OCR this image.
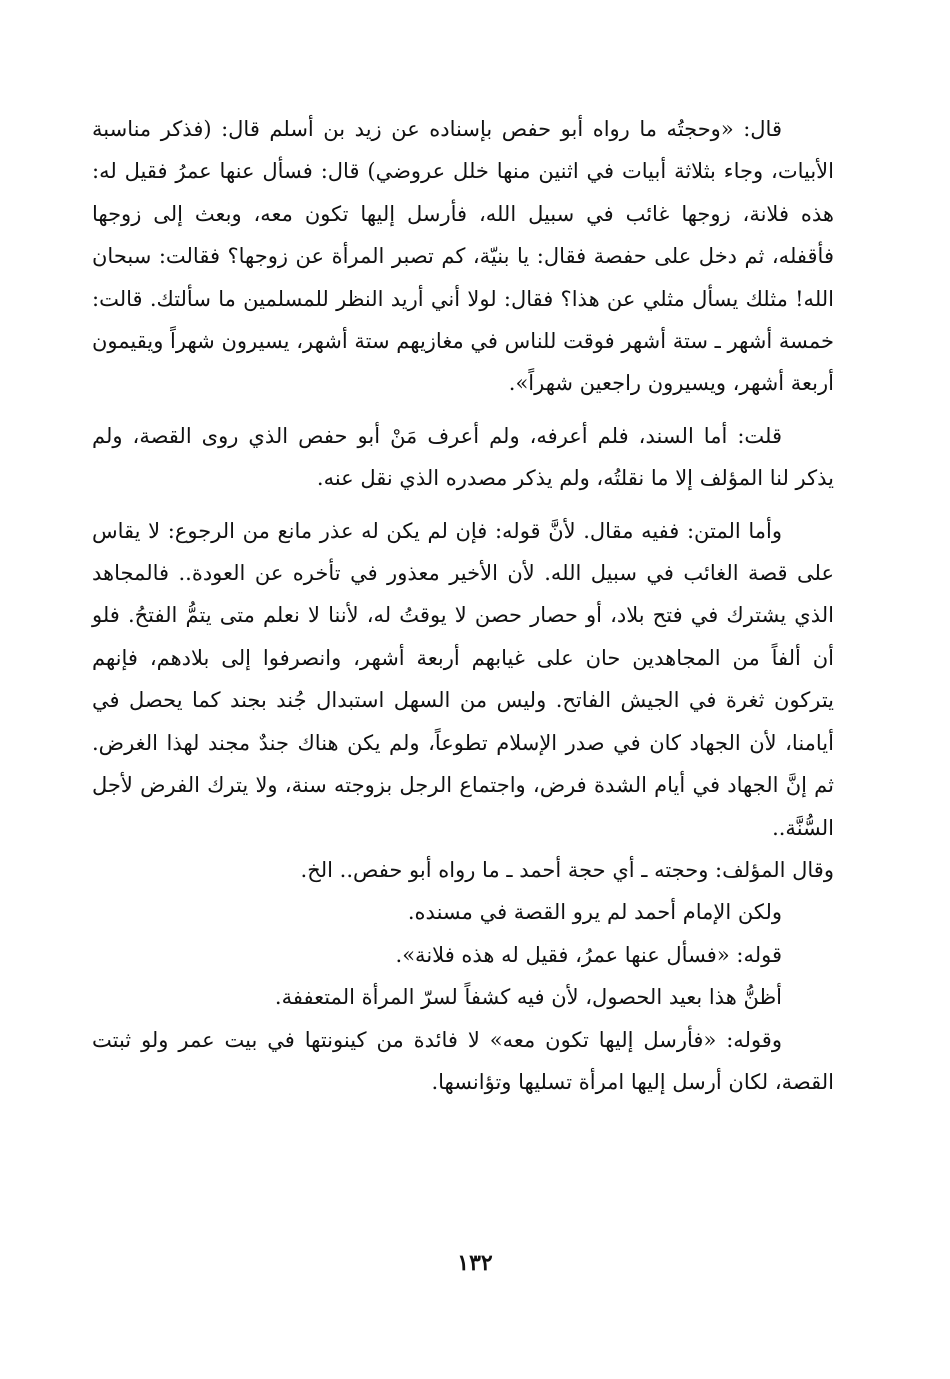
قال: «وحجتُه ما رواه أبو حفص بإسناده عن زيد بن أسلم قال: (فذكر مناسبة الأبيات، وجاء بثلاثة أبيات في اثنين منها خلل عروضي) قال: فسأل عنها عمرُ فقيل له: هذه فلانة، زوجها غائب في سبيل الله، فأرسل إليها تكون معه، وبعث إلى زوجها فأقفله، ثم دخل على حفصة فقال: يا بنيّة، كم تصبر المرأة عن زوجها؟ فقالت: سبحان الله! مثلك يسأل مثلي عن هذا؟ فقال: لولا أني أريد النظر للمسلمين ما سألتك. قالت: خمسة أشهر ـ ستة أشهر فوقت للناس في مغازيهم ستة أشهر، يسيرون شهراً ويقيمون أربعة أشهر، ويسيرون راجعين شهراً».

قلت: أما السند، فلم أعرفه، ولم أعرف مَنْ أبو حفص الذي روى القصة، ولم يذكر لنا المؤلف إلا ما نقلتُه، ولم يذكر مصدره الذي نقل عنه.

وأما المتن: ففيه مقال. لأنَّ قوله: فإن لم يكن له عذر مانع من الرجوع: لا يقاس على قصة الغائب في سبيل الله. لأن الأخير معذور في تأخره عن العودة.. فالمجاهد الذي يشترك في فتح بلاد، أو حصار حصن لا يوقتُ له، لأننا لا نعلم متى يتمُّ الفتحُ. فلو أن ألفاً من المجاهدين حان على غيابهم أربعة أشهر، وانصرفوا إلى بلادهم، فإنهم يتركون ثغرة في الجيش الفاتح. وليس من السهل استبدال جُند بجند كما يحصل في أيامنا، لأن الجهاد كان في صدر الإسلام تطوعاً، ولم يكن هناك جندٌ مجند لهذا الغرض. ثم إنَّ الجهاد في أيام الشدة فرض، واجتماع الرجل بزوجته سنة، ولا يترك الفرض لأجل السُّنَّة..

وقال المؤلف: وحجته ـ أي حجة أحمد ـ ما رواه أبو حفص.. الخ.

ولكن الإمام أحمد لم يرو القصة في مسنده.

قوله: «فسأل عنها عمرُ، فقيل له هذه فلانة».

أظنُّ هذا بعيد الحصول، لأن فيه كشفاً لسرّ المرأة المتعففة.

وقوله: «فأرسل إليها تكون معه» لا فائدة من كينونتها في بيت عمر ولو ثبتت القصة، لكان أرسل إليها امرأة تسليها وتؤانسها.

١٣٢
